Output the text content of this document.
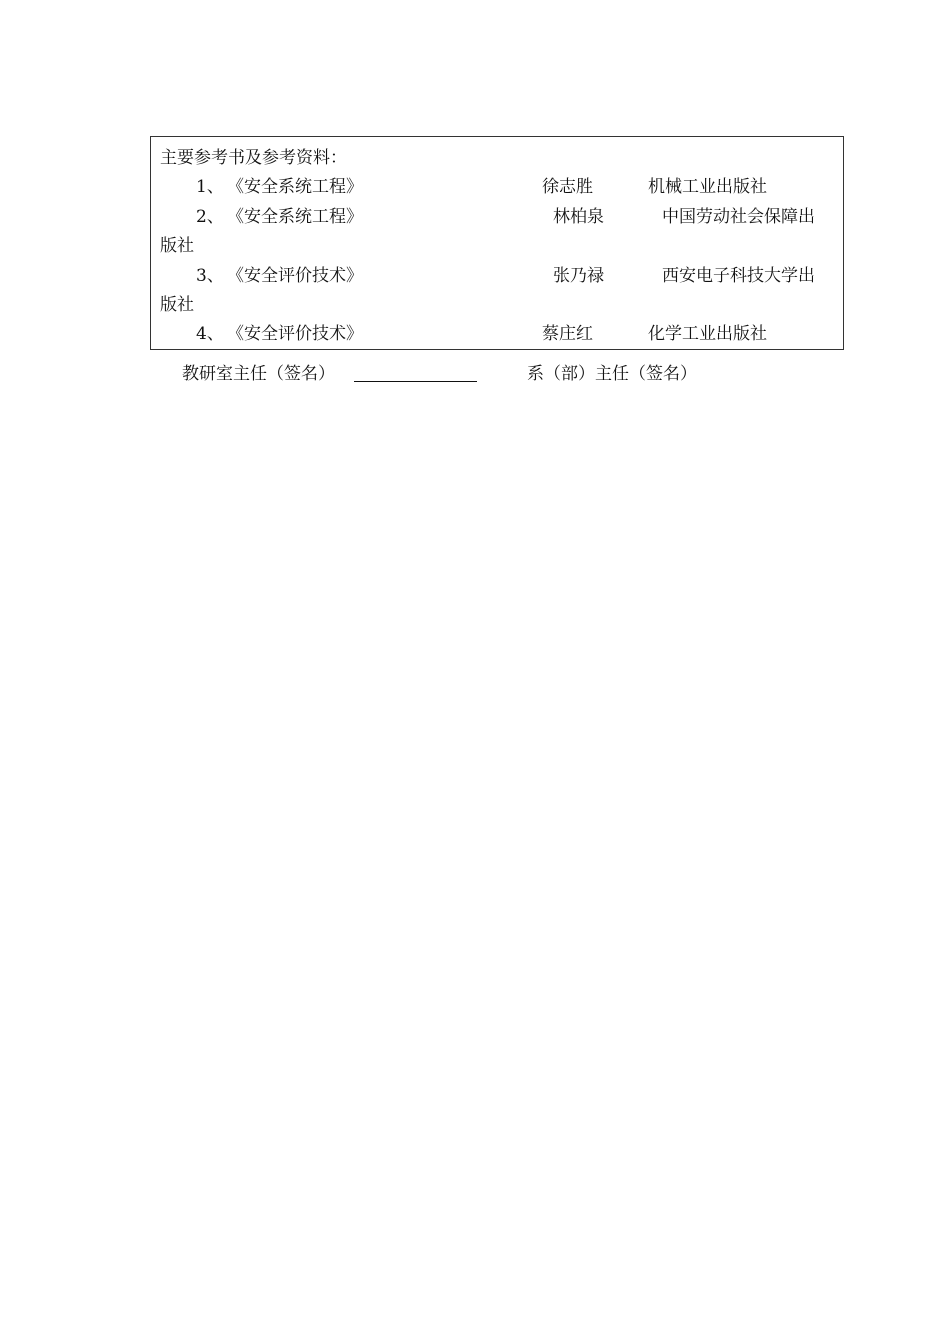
主要参考书及参考资料：
1、 《安全系统工程》	徐志胜	机械工业出版社
2、 《安全系统工程》	林柏泉	中国劳动社会保障出
版社
3、 《安全评价技术》	张乃禄	西安电子科技大学出
版社
4、 《安全评价技术》	蔡庄红	化学工业出版社
教研室主任（签名）	系（部）主任（签名）
